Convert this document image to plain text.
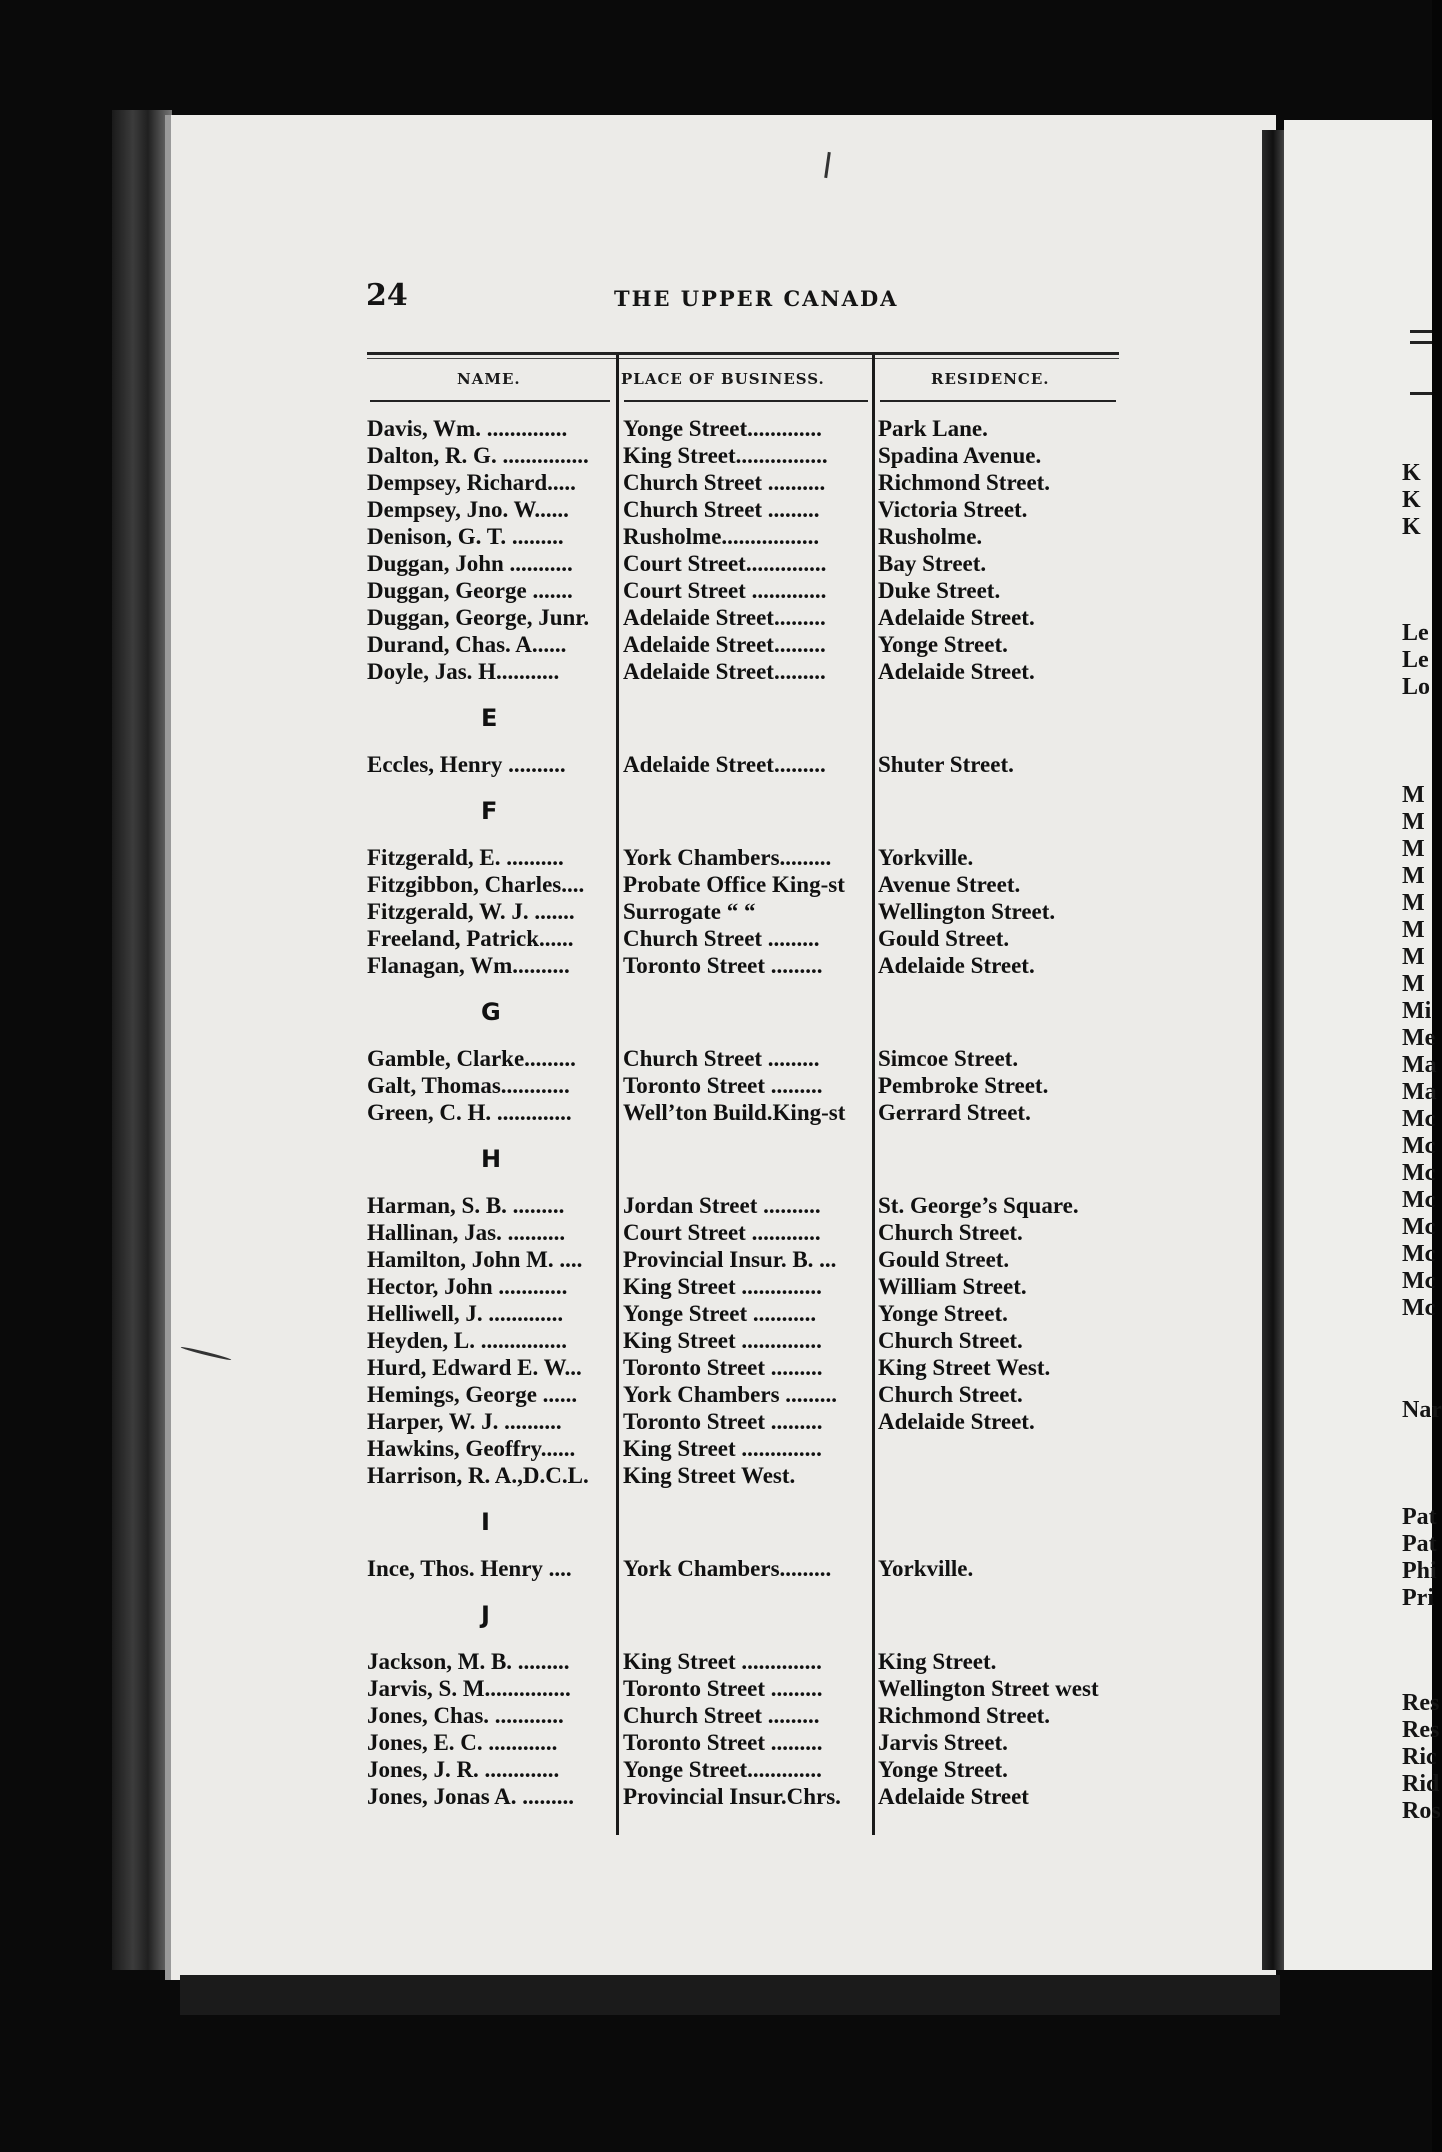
24	THE UPPER CANADA
NAME.	PLACE OF BUSINESS.	RESIDENCE.
Davis, Wm. ..............	Yonge Street.............	Park Lane.
Dalton, R. G. ...............	King Street................	Spadina Avenue.
Dempsey, Richard.....	Church Street ..........	Richmond Street.
Dempsey, Jno. W......	Church Street .........	Victoria Street.
Denison, G. T. .........	Rusholme.................	Rusholme.
Duggan, John ...........	Court Street..............	Bay Street.
Duggan, George .......	Court Street .............	Duke Street.
Duggan, George, Junr.	Adelaide Street.........	Adelaide Street.
Durand, Chas. A......	Adelaide Street.........	Yonge Street.
Doyle, Jas. H...........	Adelaide Street.........	Adelaide Street.
E
Eccles, Henry ..........	Adelaide Street.........	Shuter Street.
F
Fitzgerald, E. ..........	York Chambers.........	Yorkville.
Fitzgibbon, Charles....	Probate Office King-st	Avenue Street.
Fitzgerald, W. J. .......	Surrogate “ “	Wellington Street.
Freeland, Patrick......	Church Street .........	Gould Street.
Flanagan, Wm..........	Toronto Street .........	Adelaide Street.
G
Gamble, Clarke.........	Church Street .........	Simcoe Street.
Galt, Thomas............	Toronto Street .........	Pembroke Street.
Green, C. H. .............	Well’ton Build.King-st	Gerrard Street.
H
Harman, S. B. .........	Jordan Street ..........	St. George’s Square.
Hallinan, Jas. ..........	Court Street ............	Church Street.
Hamilton, John M. ....	Provincial Insur. B. ...	Gould Street.
Hector, John ............	King Street ..............	William Street.
Helliwell, J. .............	Yonge Street ...........	Yonge Street.
Heyden, L. ...............	King Street ..............	Church Street.
Hurd, Edward E. W...	Toronto Street .........	King Street West.
Hemings, George ......	York Chambers .........	Church Street.
Harper, W. J. ..........	Toronto Street .........	Adelaide Street.
Hawkins, Geoffry......	King Street ..............
Harrison, R. A.,D.C.L.	King Street West.
I
Ince, Thos. Henry ....	York Chambers.........	Yorkville.
J
Jackson, M. B. .........	King Street ..............	King Street.
Jarvis, S. M...............	Toronto Street .........	Wellington Street west
Jones, Chas. ............	Church Street .........	Richmond Street.
Jones, E. C. ............	Toronto Street .........	Jarvis Street.
Jones, J. R. .............	Yonge Street.............	Yonge Street.
Jones, Jonas A. .........	Provincial Insur.Chrs.	Adelaide Street
K
K
K
Le
Le
Lo
M
M
M
M
M
M
M
M
Mi
Me
Ma
Ma
Mc
Mc
Mc
Mc
Mc
Mc
Mc
Mc
Nar
Pat
Pat
Phi
Pri
Res
Res
Ric
Rid
Ros
